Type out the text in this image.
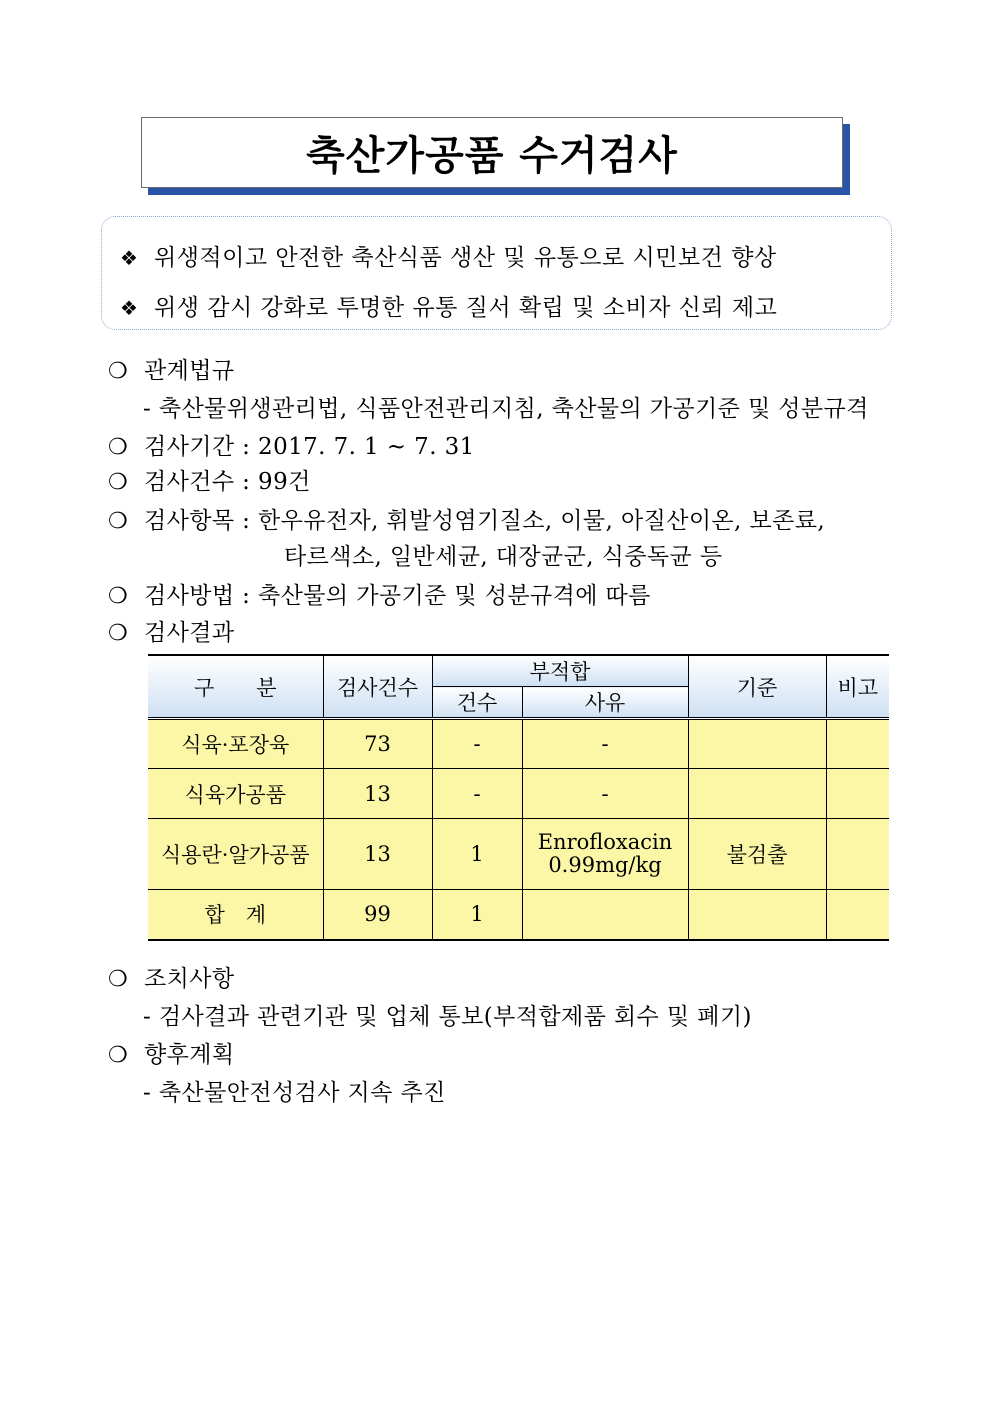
축산가공품 수거검사
❖ 위생적이고 안전한 축산식품 생산 및 유통으로 시민보건 향상
❖ 위생 감시 강화로 투명한 유통 질서 확립 및 소비자 신뢰 제고
❍ 관계법규
- 축산물위생관리법, 식품안전관리지침, 축산물의 가공기준 및 성분규격
❍ 검사기간 : 2017. 7. 1 ~ 7. 31
❍ 검사건수 : 99건
❍ 검사항목 : 한우유전자, 휘발성염기질소, 이물, 아질산이온, 보존료,
타르색소, 일반세균, 대장균군, 식중독균 등
❍ 검사방법 : 축산물의 가공기준 및 성분규격에 따름
❍ 검사결과
구　　분	검사건수	부적합		기준	비고
		건수	사유		
식육·포장육	73	-	-		
식육가공품	13	-	-		
식용란·알가공품	13	1	Enrofloxacin 0.99mg/kg	불검출	
합　계	99	1			
❍ 조치사항
- 검사결과 관련기관 및 업체 통보(부적합제품 회수 및 폐기)
❍ 향후계획
- 축산물안전성검사 지속 추진
